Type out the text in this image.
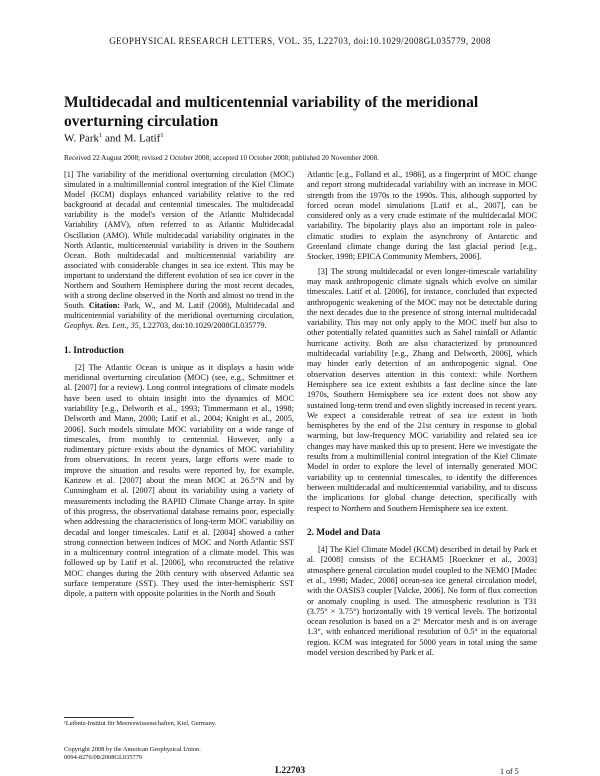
GEOPHYSICAL RESEARCH LETTERS, VOL. 35, L22703, doi:10.1029/2008GL035779, 2008
Multidecadal and multicentennial variability of the meridional overturning circulation
W. Park$^1$ and M. Latif$^1$
Received 22 August 2008; revised 2 October 2008; accepted 10 October 2008; published 20 November 2008.

[1] The variability of the meridional overturning circulation (MOC) simulated in a multimillennial control integration of the Kiel Climate Model (KCM) displays enhanced variability relative to the red background at decadal and centennial timescales. The multidecadal variability is the model's version of the Atlantic Multidecadal Variability (AMV), often referred to as Atlantic Multidecadal Oscillation (AMO). While multidecadal variability originates in the North Atlantic, multicentennial variability is driven in the Southern Ocean. Both multidecadal and multicentennial variability are associated with considerable changes in sea ice extent. This may be important to understand the different evolution of sea ice cover in the Northern and Southern Hemisphere during the most recent decades, with a strong decline observed in the North and almost no trend in the South. Citation: Park, W., and M. Latif (2008), Multidecadal and multicentennial variability of the meridional overturning circulation, Geophys. Res. Lett., 35, L22703, doi:10.1029/2008GL035779.

1. Introduction

[2] The Atlantic Ocean is unique as it displays a basin wide meridional overturning circulation (MOC) (see, e.g., Schmittner et al. [2007] for a review). Long control integrations of climate models have been used to obtain insight into the dynamics of MOC variability [e.g., Delworth et al., 1993; Timmermann et al., 1998; Delworth and Mann, 2000; Latif et al., 2004; Knight et al., 2005, 2006]. Such models simulate MOC variability on a wide range of timescales, from monthly to centennial. However, only a rudimentary picture exists about the dynamics of MOC variability from observations. In recent years, large efforts were made to improve the situation and results were reported by, for example, Kanzow et al. [2007] about the mean MOC at 26.5°N and by Cunningham et al. [2007] about its variability using a variety of measurements including the RAPID Climate Change array. In spite of this progress, the observational database remains poor, especially when addressing the characteristics of long-term MOC variability on decadal and longer timescales. Latif et al. [2004] showed a rather strong connection between indices of MOC and North Atlantic SST in a multicentury control integration of a climate model. This was followed up by Latif et al. [2006], who reconstructed the relative MOC changes during the 20th century with observed Atlantic sea surface temperature (SST). They used the inter-hemispheric SST dipole, a pattern with opposite polarities in the North and South

Atlantic [e.g., Folland et al., 1986], as a fingerprint of MOC change and report strong multidecadal variability with an increase in MOC strength from the 1970s to the 1990s. This, although supported by forced ocean model simulations [Latif et al., 2007], can be considered only as a very crude estimate of the multidecadal MOC variability. The bipolarity plays also an important role in paleo-climatic studies to explain the asynchrony of Antarctic and Greenland climate change during the last glacial period [e.g., Stocker, 1998; EPICA Community Members, 2006].

[3] The strong multidecadal or even longer-timescale variability may mask anthropogenic climate signals which evolve on similar timescales. Latif et al. [2006], for instance, concluded that expected anthropogenic weakening of the MOC may not be detectable during the next decades due to the presence of strong internal multidecadal variability. This may not only apply to the MOC itself but also to other potentially related quantities such as Sahel rainfall or Atlantic hurricane activity. Both are also characterized by pronounced multidecadal variability [e.g., Zhang and Delworth, 2006], which may hinder early detection of an anthropogenic signal. One observation deserves attention in this context: while Northern Hemisphere sea ice extent exhibits a fast decline since the late 1970s, Southern Hemisphere sea ice extent does not show any sustained long-term trend and even slightly increased in recent years. We expect a considerable retreat of sea ice extent in both hemispheres by the end of the 21st century in response to global warming, but low-frequency MOC variability and related sea ice changes may have masked this up to present. Here we investigate the results from a multimillenial control integration of the Kiel Climate Model in order to explore the level of internally generated MOC variability up to centennial timescales, to identify the differences between multidecadal and multicentennial variability, and to discuss the implications for global change detection, specifically with respect to Northern and Southern Hemisphere sea ice extent.

2. Model and Data

[4] The Kiel Climate Model (KCM) described in detail by Park et al. [2008] consists of the ECHAM5 [Roeckner et al., 2003] atmosphere general circulation model coupled to the NEMO [Madec et al., 1998; Madec, 2008] ocean-sea ice general circulation model, with the OASIS3 coupler [Valcke, 2006]. No form of flux correction or anomaly coupling is used. The atmospheric resolution is T31 (3.75° × 3.75°) horizontally with 19 vertical levels. The horizontal ocean resolution is based on a 2° Mercator mesh and is on average 1.3°, with enhanced meridional resolution of 0.5° in the equatorial region. KCM was integrated for 5000 years in total using the same model version described by Park et al.

¹Leibniz-Institut für Meereswissenschaften, Kiel, Germany.
Copyright 2008 by the American Geophysical Union.
0094-8276/08/2008GL035779
L22703	1 of 5
